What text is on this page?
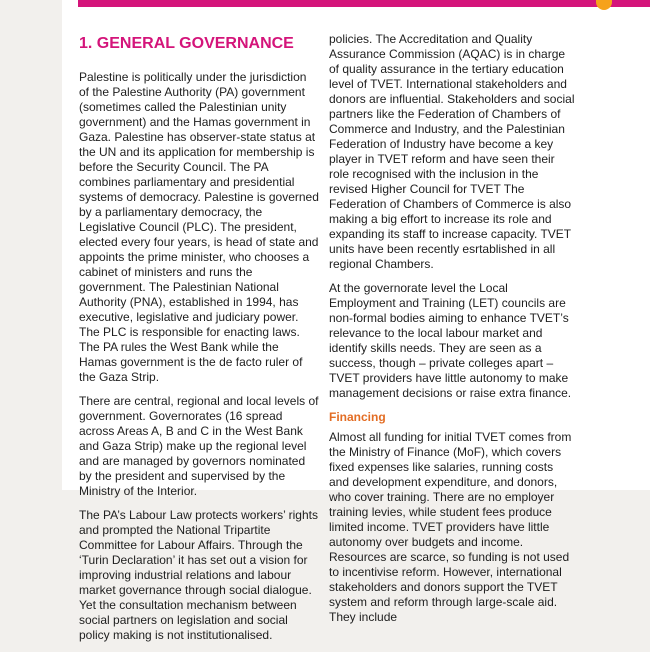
1. GENERAL GOVERNANCE

Palestine is politically under the jurisdiction of the Palestine Authority (PA) government (sometimes called the Palestinian unity government) and the Hamas government in Gaza. Palestine has observer-state status at the UN and its application for membership is before the Security Council. The PA combines parliamentary and presidential systems of democracy. Palestine is governed by a parliamentary democracy, the Legislative Council (PLC). The president, elected every four years, is head of state and appoints the prime minister, who chooses a cabinet of ministers and runs the government. The Palestinian National Authority (PNA), established in 1994, has executive, legislative and judiciary power. The PLC is responsible for enacting laws. The PA rules the West Bank while the Hamas government is the de facto ruler of the Gaza Strip.

There are central, regional and local levels of government. Governorates (16 spread across Areas A, B and C in the West Bank and Gaza Strip) make up the regional level and are managed by governors nominated by the president and supervised by the Ministry of the Interior.

The PA’s Labour Law protects workers’ rights and prompted the National Tripartite Committee for Labour Affairs. Through the ‘Turin Declaration’ it has set out a vision for improving industrial relations and labour market governance through social dialogue. Yet the consultation mechanism between social partners on legislation and social policy making is not institutionalised.

policies. The Accreditation and Quality Assurance Commission (AQAC) is in charge of quality assurance in the tertiary education level of TVET. International stakeholders and donors are influential. Stakeholders and social partners like the Federation of Chambers of Commerce and Industry, and the Palestinian Federation of Industry have become a key player in TVET reform and have seen their role recognised with the inclusion in the revised Higher Council for TVET The Federation of Chambers of Commerce is also making a big effort to increase its role and expanding its staff to increase capacity. TVET units have been recently esrtablished in all regional Chambers.

At the governorate level the Local Employment and Training (LET) councils are non-formal bodies aiming to enhance TVET’s relevance to the local labour market and identify skills needs. They are seen as a success, though – private colleges apart – TVET providers have little autonomy to make management decisions or raise extra finance.

Financing

Almost all funding for initial TVET comes from the Ministry of Finance (MoF), which covers fixed expenses like salaries, running costs and development expenditure, and donors, who cover training. There are no employer training levies, while student fees produce limited income. TVET providers have little autonomy over budgets and income. Resources are scarce, so funding is not used to incentivise reform. However, international stakeholders and donors support the TVET system and reform through large-scale aid. They include
